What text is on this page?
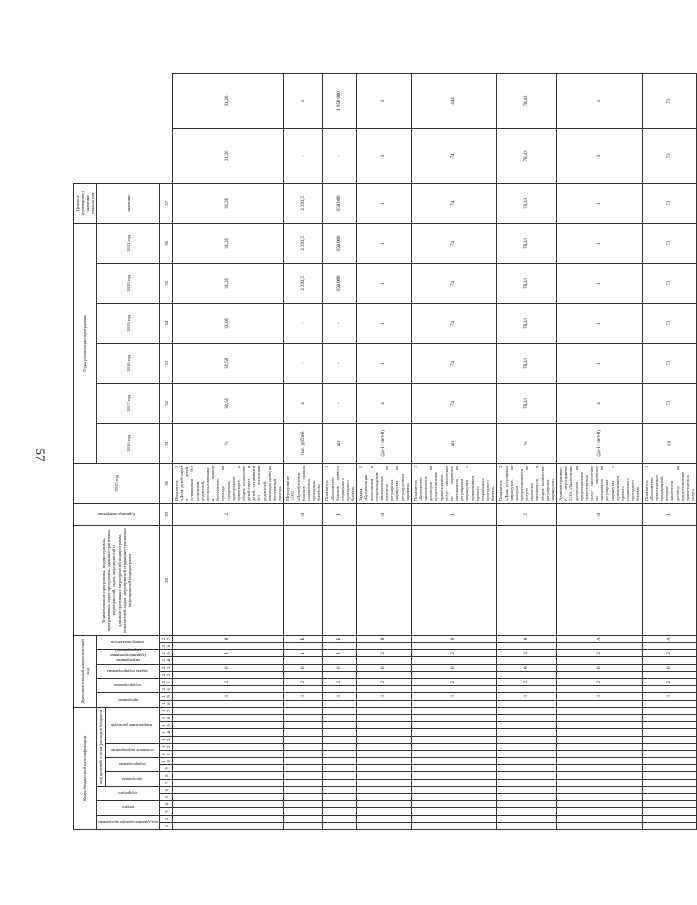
57
Коды бюджетной классификации																	Дополнительный аналитический код										Наименование программы, подпрограммы, программных задач программы, административных мероприятий, задач, мероприятий и административных мероприятий подпрограмм, показателей задач, мероприятий и административных мероприятий подпрограмм	Единица измерения	2015 год	Годы реализации программы						Целевое (суммарное) значение показателя		
код администратора программы		раздел		подраздел		код целевой статьи расходов бюджета											программа		подпрограмма		задача подпрограммы		мероприятие (административное мероприятие)		номер показателя					2016 год	2017 год	2018 год	2019 год	2020 год	2021 год	значение		
						программа		подпрограмма		основное мероприятие		направление расходов																										
1	2	3	4	5	6	7	8	9	10	11	12	13	14	15	16	17	18	19	20	21	22	23	24	25	26	27	28	29	30	31	32	33	34	35	36	37		
																		3		2		0		1		0		2	Показатель 2 «Доля детей-сирот и детей, оставшихся без попечения родителей, воспользовавшихся правом бесплатного проезда на городском, пригородном транспорте, в общем количестве детей-сирот и детей, оставшихся без попечения родителей, имеющих право на бесплатный проезд»	%	30,56	31,58	31,06	31,26	31,26	31,26	31,26	31,26
																		3		2		0		1		Б		0	Мероприятие 1.003 «Приобретение бланков единых социальных проездных билетов»	тыс. рублей	х	-	-	2 293,5	2 293,5	2 293,5	-	х
																		3		2		0		1		Б		1	Показатель 1 «Количество бланков единого социального проездного билета»	шт	-	-	-	650 000	650 000	650 000	-	1 950 000
																		3		2		0		2		0		0	Задача 2 «Организация выполнения и сопровождения заключенных проектов на регулярных маршрутах по регулируемым тарифам»	(да-1 / нет-0)	х	1	1	1	1	1	1	1
																		3		2		0		2		0		1	Показатель 1 «Количество заключенных договоров на предоставление транспортных услуг населению по перевозке пассажиров по регулярным маршрутам с применением единого социального проездного билета»	шт	74	74	74	74	74	74	74	444
																		3		2		0		2		0		2	Показатель 2 «Доля регулярных маршрутов, на которых предоставляются услуги по перевозке пассажиров, в общем количестве регулярных маршрутов»	%	78,43	78,43	78,43	78,43	78,43	78,43	78,43	78,43
																		3		2		0		2		А		0	Административное мероприятие 2.001 «Заключение договоров на предоставление транспортных услуг населению по перевозке пассажиров на регулярных маршрутах с применением единого социального проездного билета»	(да-1 / нет-0)	х	1	1	1	1	1	1	х
																		3		2		0		2		А		1	Показатель 1 «Количество транспортных предприятий, которые заключили договор на предоставление транспортных услуг»	ед	73	73	73	73	73	73	73	73
